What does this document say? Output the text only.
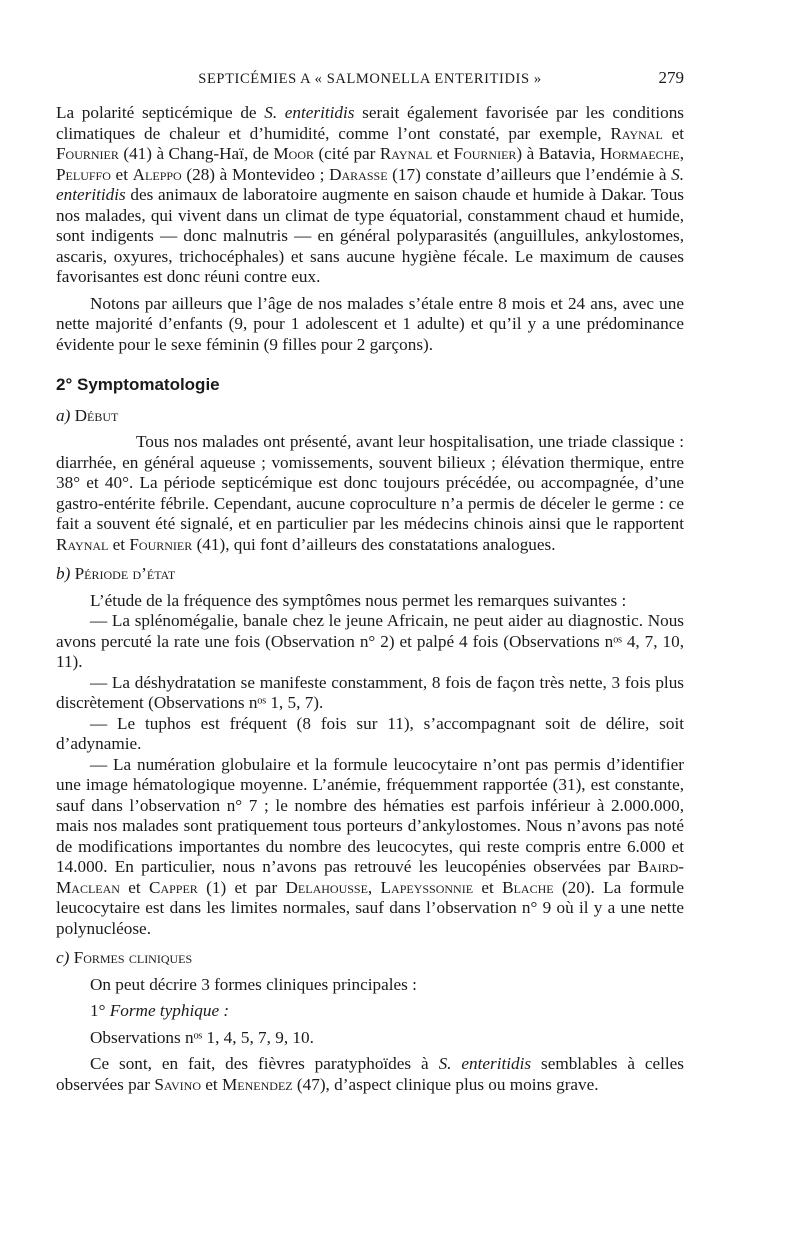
SEPTICÉMIES A « SALMONELLA ENTERITIDIS »	279

La polarité septicémique de S. enteritidis serait également favorisée par les conditions climatiques de chaleur et d’humidité, comme l’ont constaté, par exemple, Raynal et Fournier (41) à Chang-Haï, de Moor (cité par Raynal et Fournier) à Batavia, Hormaeche, Peluffo et Aleppo (28) à Montevideo ; Darasse (17) constate d’ailleurs que l’endémie à S. enteritidis des animaux de laboratoire augmente en saison chaude et humide à Dakar. Tous nos malades, qui vivent dans un climat de type équatorial, constamment chaud et humide, sont indigents — donc malnutris — en général polyparasités (anguillules, ankylostomes, ascaris, oxyures, trichocéphales) et sans aucune hygiène fécale. Le maximum de causes favorisantes est donc réuni contre eux.

Notons par ailleurs que l’âge de nos malades s’étale entre 8 mois et 24 ans, avec une nette majorité d’enfants (9, pour 1 adolescent et 1 adulte) et qu’il y a une prédominance évidente pour le sexe féminin (9 filles pour 2 garçons).

2° Symptomatologie
a) Début

Tous nos malades ont présenté, avant leur hospitalisation, une triade classique : diarrhée, en général aqueuse ; vomissements, souvent bilieux ; élévation thermique, entre 38° et 40°. La période septicémique est donc toujours précédée, ou accompagnée, d’une gastro-entérite fébrile. Cependant, aucune coproculture n’a permis de déceler le germe : ce fait a souvent été signalé, et en particulier par les médecins chinois ainsi que le rapportent Raynal et Fournier (41), qui font d’ailleurs des constatations analogues.

b) Période d’état

L’étude de la fréquence des symptômes nous permet les remarques suivantes :

— La splénomégalie, banale chez le jeune Africain, ne peut aider au diagnostic. Nous avons percuté la rate une fois (Observation n° 2) et palpé 4 fois (Observations nᵒˢ 4, 7, 10, 11).

— La déshydratation se manifeste constamment, 8 fois de façon très nette, 3 fois plus discrètement (Observations nᵒˢ 1, 5, 7).

— Le tuphos est fréquent (8 fois sur 11), s’accompagnant soit de délire, soit d’adynamie.

— La numération globulaire et la formule leucocytaire n’ont pas permis d’identifier une image hématologique moyenne. L’anémie, fréquemment rapportée (31), est constante, sauf dans l’observation n° 7 ; le nombre des hématies est parfois inférieur à 2.000.000, mais nos malades sont pratiquement tous porteurs d’ankylostomes. Nous n’avons pas noté de modifications importantes du nombre des leucocytes, qui reste compris entre 6.000 et 14.000. En particulier, nous n’avons pas retrouvé les leucopénies observées par Baird-Maclean et Capper (1) et par Delahousse, Lapeyssonnie et Blache (20). La formule leucocytaire est dans les limites normales, sauf dans l’observation n° 9 où il y a une nette polynucléose.

c) Formes cliniques

On peut décrire 3 formes cliniques principales :

1° Forme typhique :

Observations nᵒˢ 1, 4, 5, 7, 9, 10.

Ce sont, en fait, des fièvres paratyphoïdes à S. enteritidis semblables à celles observées par Savino et Menendez (47), d’aspect clinique plus ou moins grave.
